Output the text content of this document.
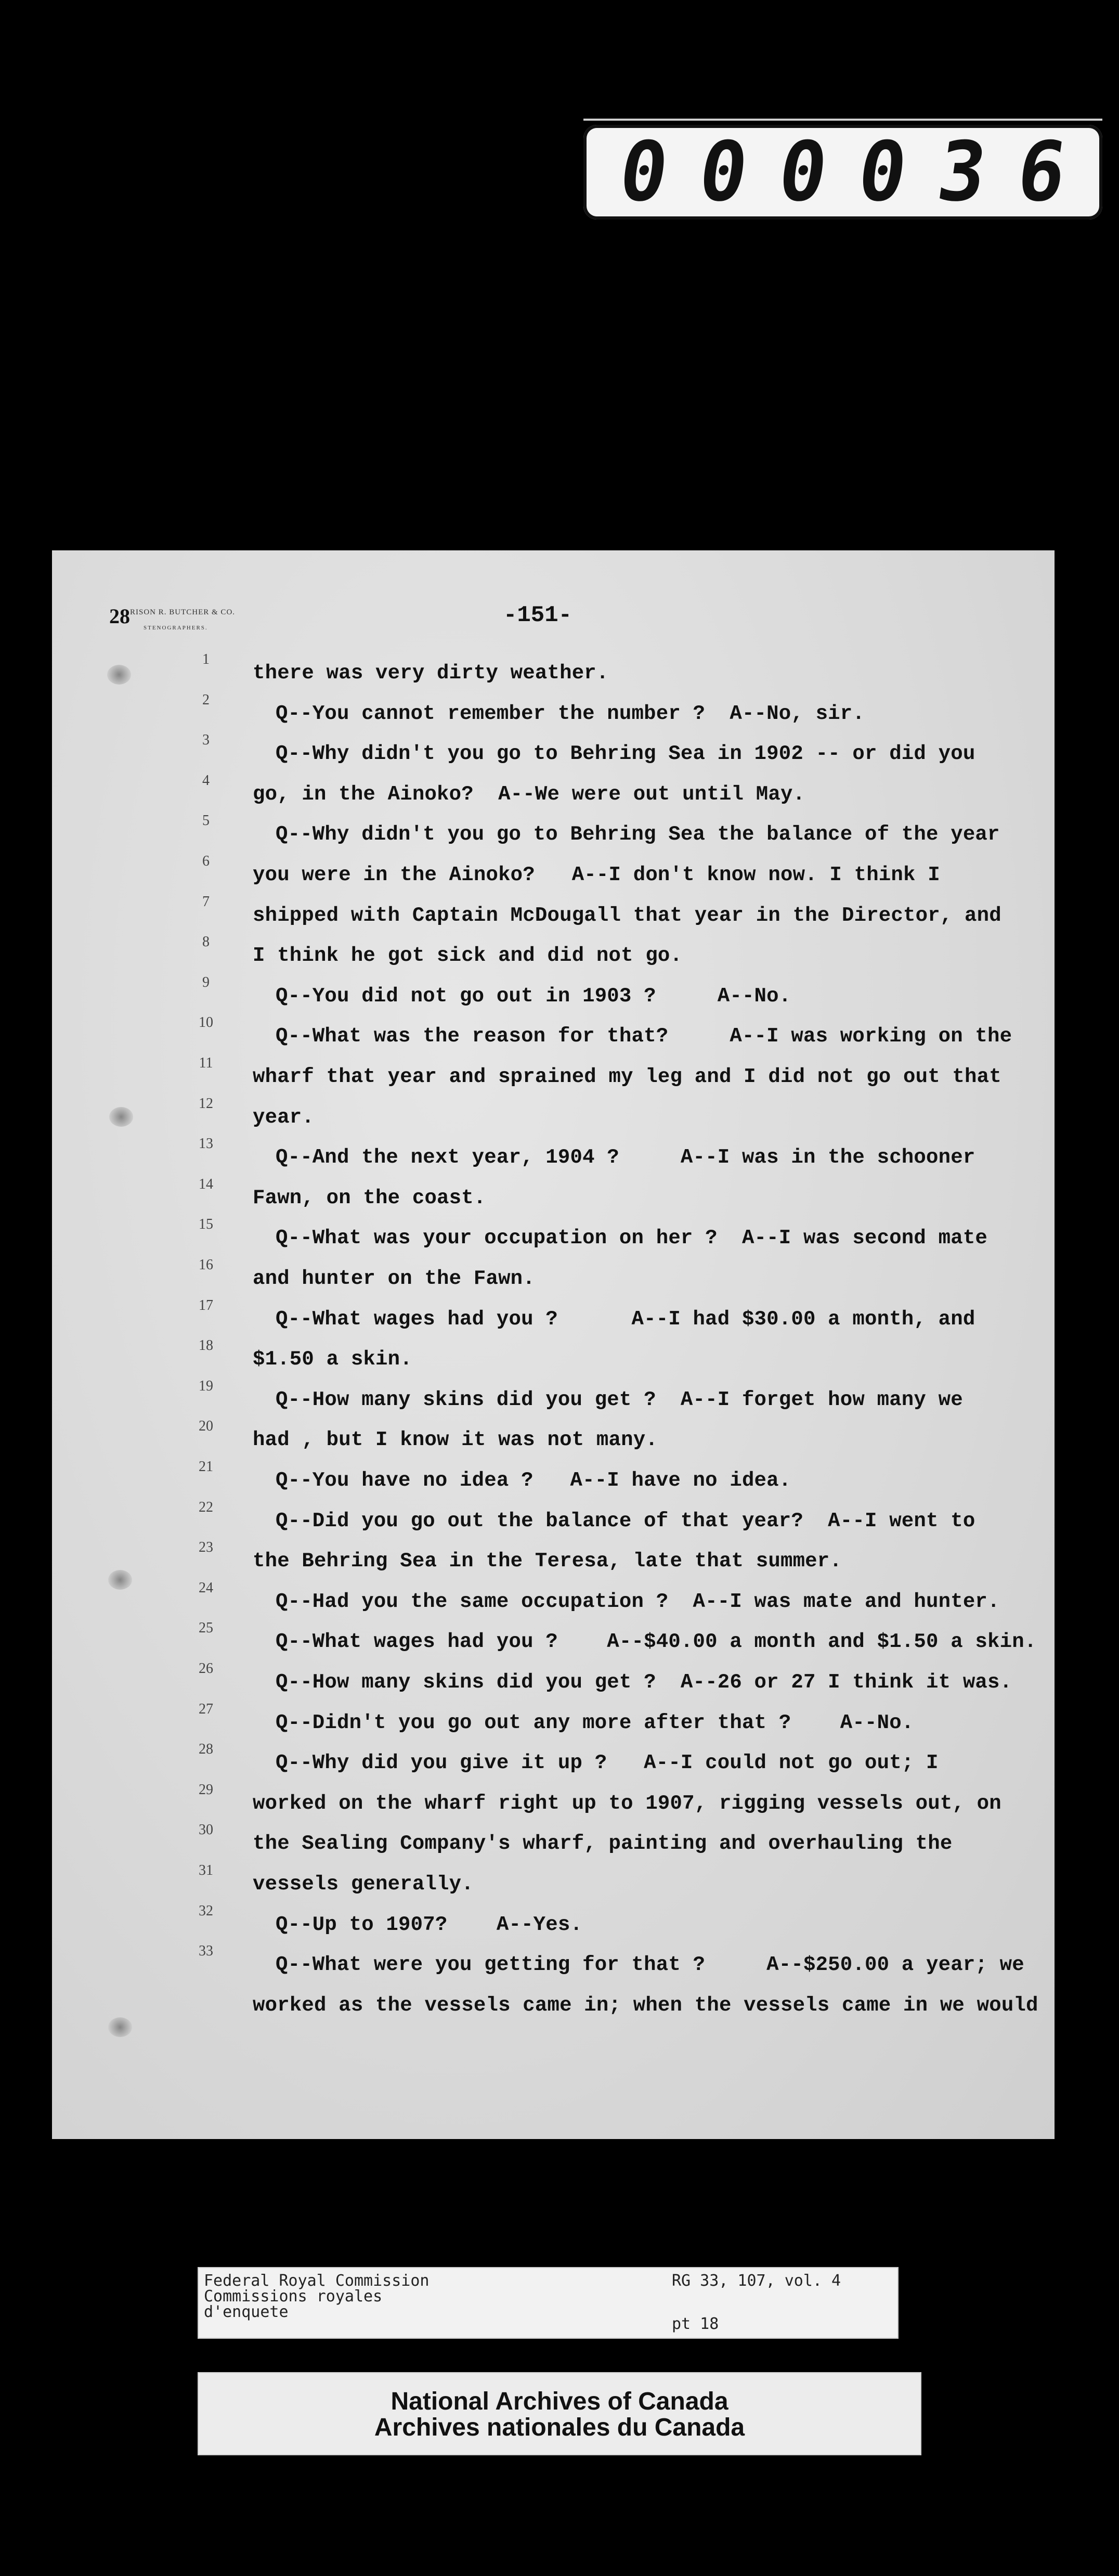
0 0 0 0 3 6
28RISON R. BUTCHER & CO.
STENOGRAPHERS.	-151-
1
there was very dirty weather.
2
Q--You cannot remember the number ?  A--No, sir.
3
Q--Why didn't you go to Behring Sea in 1902 -- or did you
4
go, in the Ainoko?  A--We were out until May.
5
Q--Why didn't you go to Behring Sea the balance of the year
6
you were in the Ainoko?   A--I don't know now. I think I
7
shipped with Captain McDougall that year in the Director, and
8
I think he got sick and did not go.
9
Q--You did not go out in 1903 ?     A--No.
10
Q--What was the reason for that?     A--I was working on the
11
wharf that year and sprained my leg and I did not go out that
12
year.
13
Q--And the next year, 1904 ?     A--I was in the schooner
14
Fawn, on the coast.
15
Q--What was your occupation on her ?  A--I was second mate
16
and hunter on the Fawn.
17
Q--What wages had you ?      A--I had $30.00 a month, and
18
$1.50 a skin.
19
Q--How many skins did you get ?  A--I forget how many we
20
had , but I know it was not many.
21
Q--You have no idea ?   A--I have no idea.
22
Q--Did you go out the balance of that year?  A--I went to
23
the Behring Sea in the Teresa, late that summer.
24
Q--Had you the same occupation ?  A--I was mate and hunter.
25
Q--What wages had you ?    A--$40.00 a month and $1.50 a skin.
26
Q--How many skins did you get ?  A--26 or 27 I think it was.
27
Q--Didn't you go out any more after that ?    A--No.
28
Q--Why did you give it up ?   A--I could not go out; I
29
worked on the wharf right up to 1907, rigging vessels out, on
30
the Sealing Company's wharf, painting and overhauling the
31
vessels generally.
32
Q--Up to 1907?    A--Yes.
33
Q--What were you getting for that ?     A--$250.00 a year; we
worked as the vessels came in; when the vessels came in we would
Federal Royal Commission
Commissions royales
d'enquete
RG 33, 107, vol. 4
pt 18
National Archives of Canada
Archives nationales du Canada
